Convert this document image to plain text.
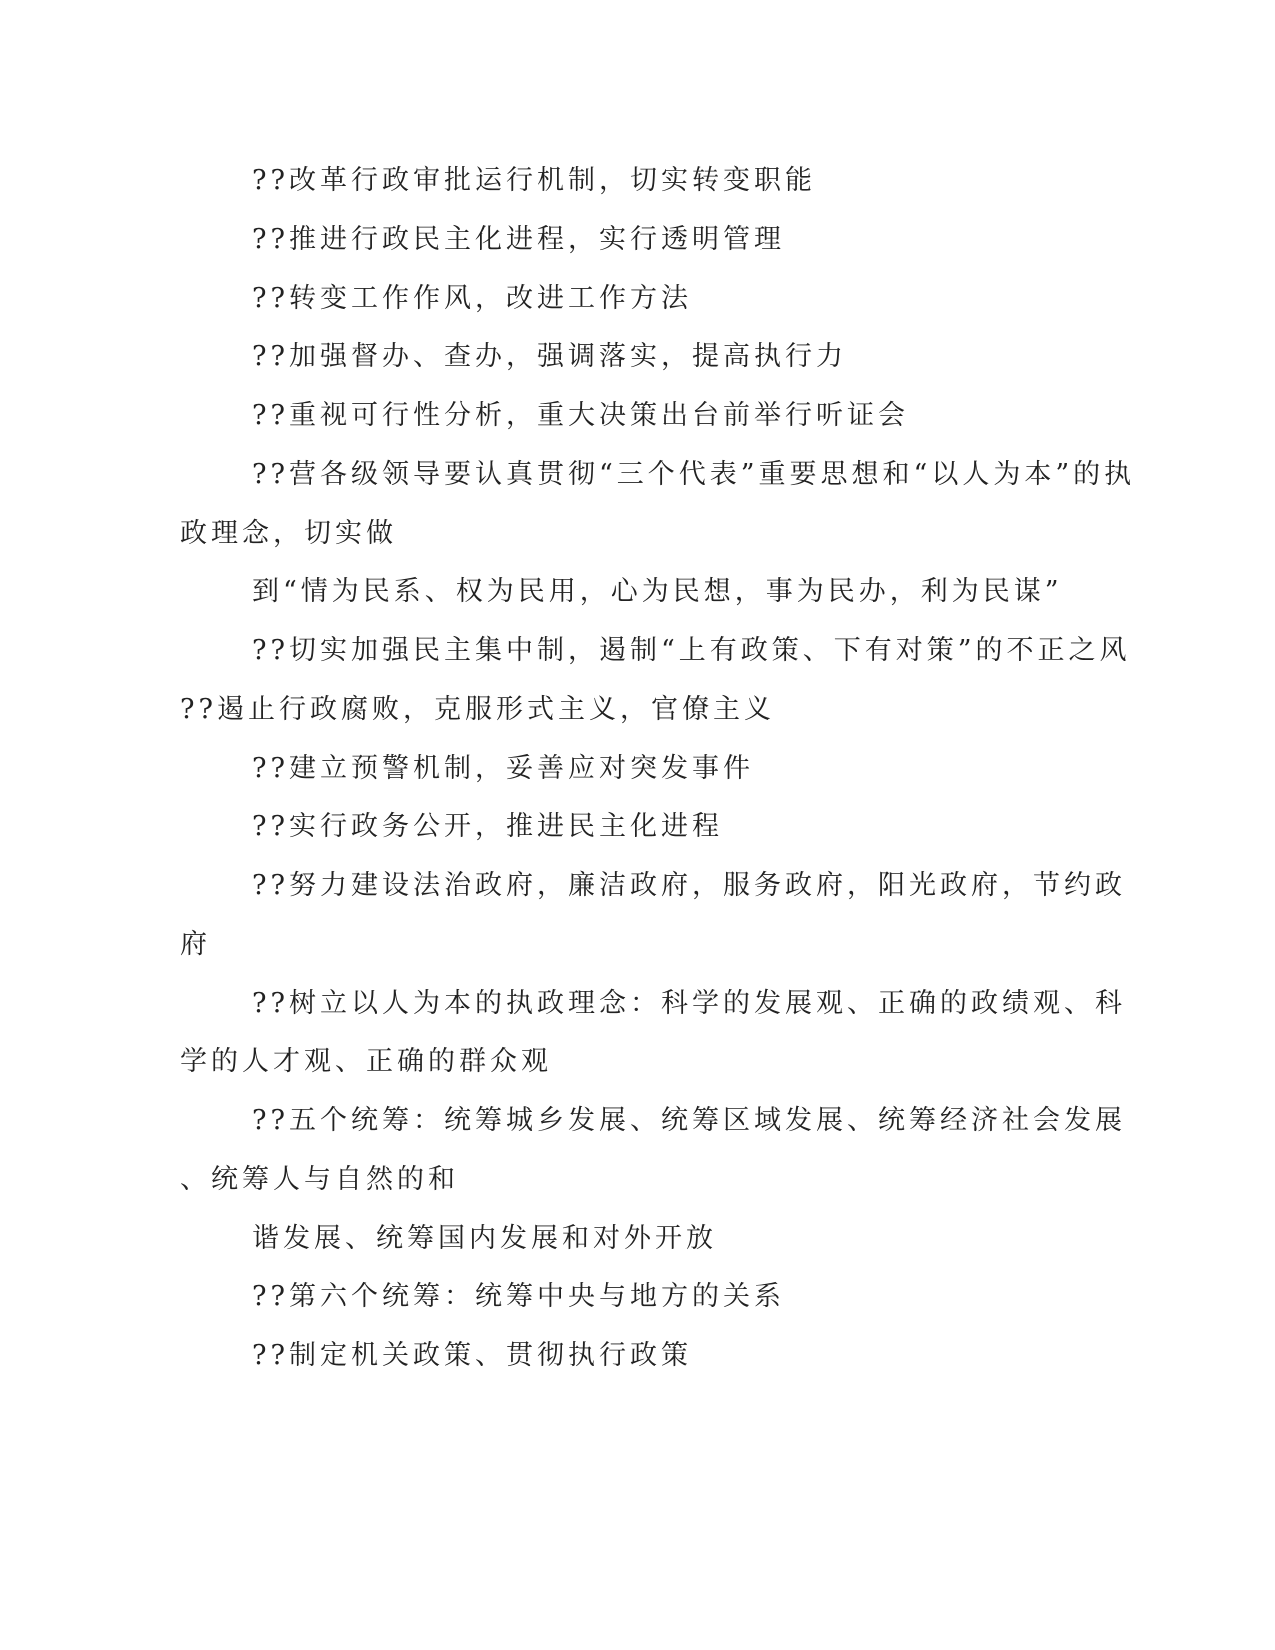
??改革行政审批运行机制，切实转变职能
??推进行政民主化进程，实行透明管理
??转变工作作风，改进工作方法
??加强督办、查办，强调落实，提高执行力
??重视可行性分析，重大决策出台前举行听证会
??营各级领导要认真贯彻“三个代表”重要思想和“以人为本”的执
政理念，切实做
到“情为民系、权为民用，心为民想，事为民办，利为民谋”
??切实加强民主集中制，遏制“上有政策、下有对策”的不正之风
??遏止行政腐败，克服形式主义，官僚主义
??建立预警机制，妥善应对突发事件
??实行政务公开，推进民主化进程
??努力建设法治政府，廉洁政府，服务政府，阳光政府，节约政
府
??树立以人为本的执政理念：科学的发展观、正确的政绩观、科
学的人才观、正确的群众观
??五个统筹：统筹城乡发展、统筹区域发展、统筹经济社会发展
、统筹人与自然的和
谐发展、统筹国内发展和对外开放
??第六个统筹：统筹中央与地方的关系
??制定机关政策、贯彻执行政策
